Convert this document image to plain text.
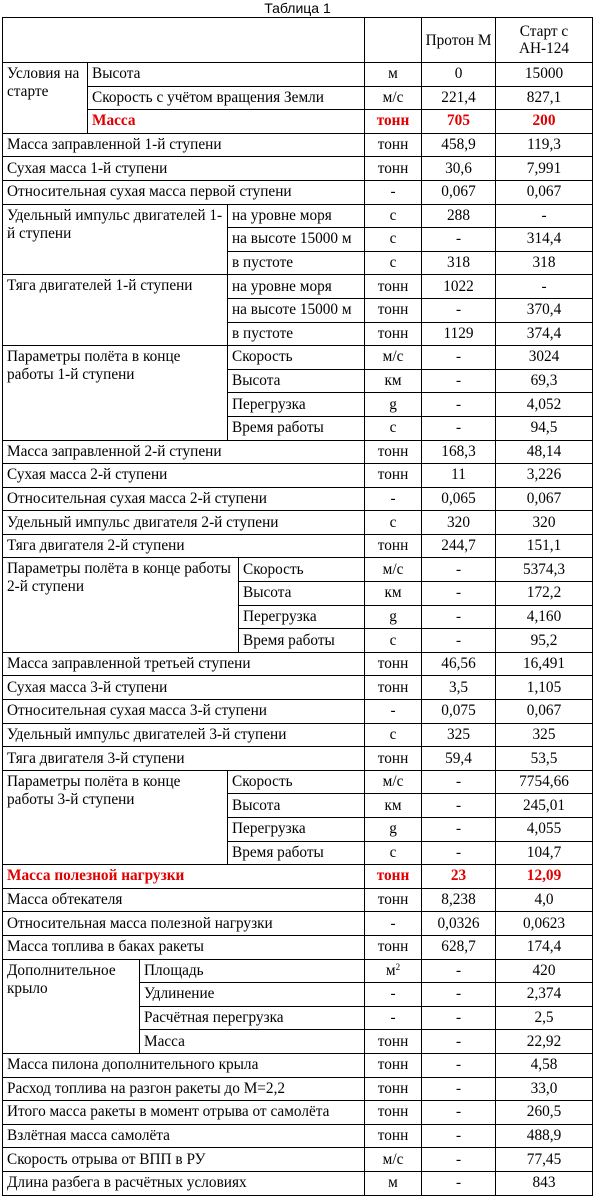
Таблица 1
						Протон М	Старт с АН-124
Условия на старте	Высота				м	0	15000
	Скорость с учётом вращения Земли				м/с	221,4	827,1
	Масса				тонн	705	200
Масса заправленной 1-й ступени					тонн	458,9	119,3
Сухая масса 1-й ступени					тонн	30,6	7,991
Относительная сухая масса первой ступени					-	0,067	0,067
Удельный импульс двигателей 1-й ступени			на уровне моря		с	288	-
			на высоте 15000 м		с	-	314,4
			в пустоте		с	318	318
Тяга двигателей 1-й ступени			на уровне моря		тонн	1022	-
			на высоте 15000 м		тонн	-	370,4
			в пустоте		тонн	1129	374,4
Параметры полёта в конце работы 1-й ступени			Скорость		м/с	-	3024
			Высота		км	-	69,3
			Перегрузка		g	-	4,052
			Время работы		с	-	94,5
Масса заправленной 2-й ступени					тонн	168,3	48,14
Сухая масса 2-й ступени					тонн	11	3,226
Относительная сухая масса 2-й ступени					-	0,065	0,067
Удельный импульс двигателя 2-й ступени					с	320	320
Тяга двигателя 2-й ступени					тонн	244,7	151,1
Параметры полёта в конце работы 2-й ступени				Скорость	м/с	-	5374,3
				Высота	км	-	172,2
				Перегрузка	g	-	4,160
				Время работы	с	-	95,2
Масса заправленной третьей ступени					тонн	46,56	16,491
Сухая масса 3-й ступени					тонн	3,5	1,105
Относительная сухая масса 3-й ступени					-	0,075	0,067
Удельный импульс двигателей 3-й ступени					с	325	325
Тяга двигателя 3-й ступени					тонн	59,4	53,5
Параметры полёта в конце работы 3-й ступени			Скорость		м/с	-	7754,66
			Высота		км	-	245,01
			Перегрузка		g	-	4,055
			Время работы		с	-	104,7
Масса полезной нагрузки					тонн	23	12,09
Масса обтекателя					тонн	8,238	4,0
Относительная масса полезной нагрузки					-	0,0326	0,0623
Масса топлива в баках ракеты					тонн	628,7	174,4
Дополнительное крыло		Площадь			$м^2$	-	420
		Удлинение			-	-	2,374
		Расчётная перегрузка			-	-	2,5
		Масса			тонн	-	22,92
Масса пилона дополнительного крыла					тонн	-	4,58
Расход топлива на разгон ракеты до М=2,2					тонн	-	33,0
Итого масса ракеты в момент отрыва от самолёта					тонн	-	260,5
Взлётная масса самолёта					тонн	-	488,9
Скорость отрыва от ВПП в РУ					м/с	-	77,45
Длина разбега в расчётных условиях					м	-	843
